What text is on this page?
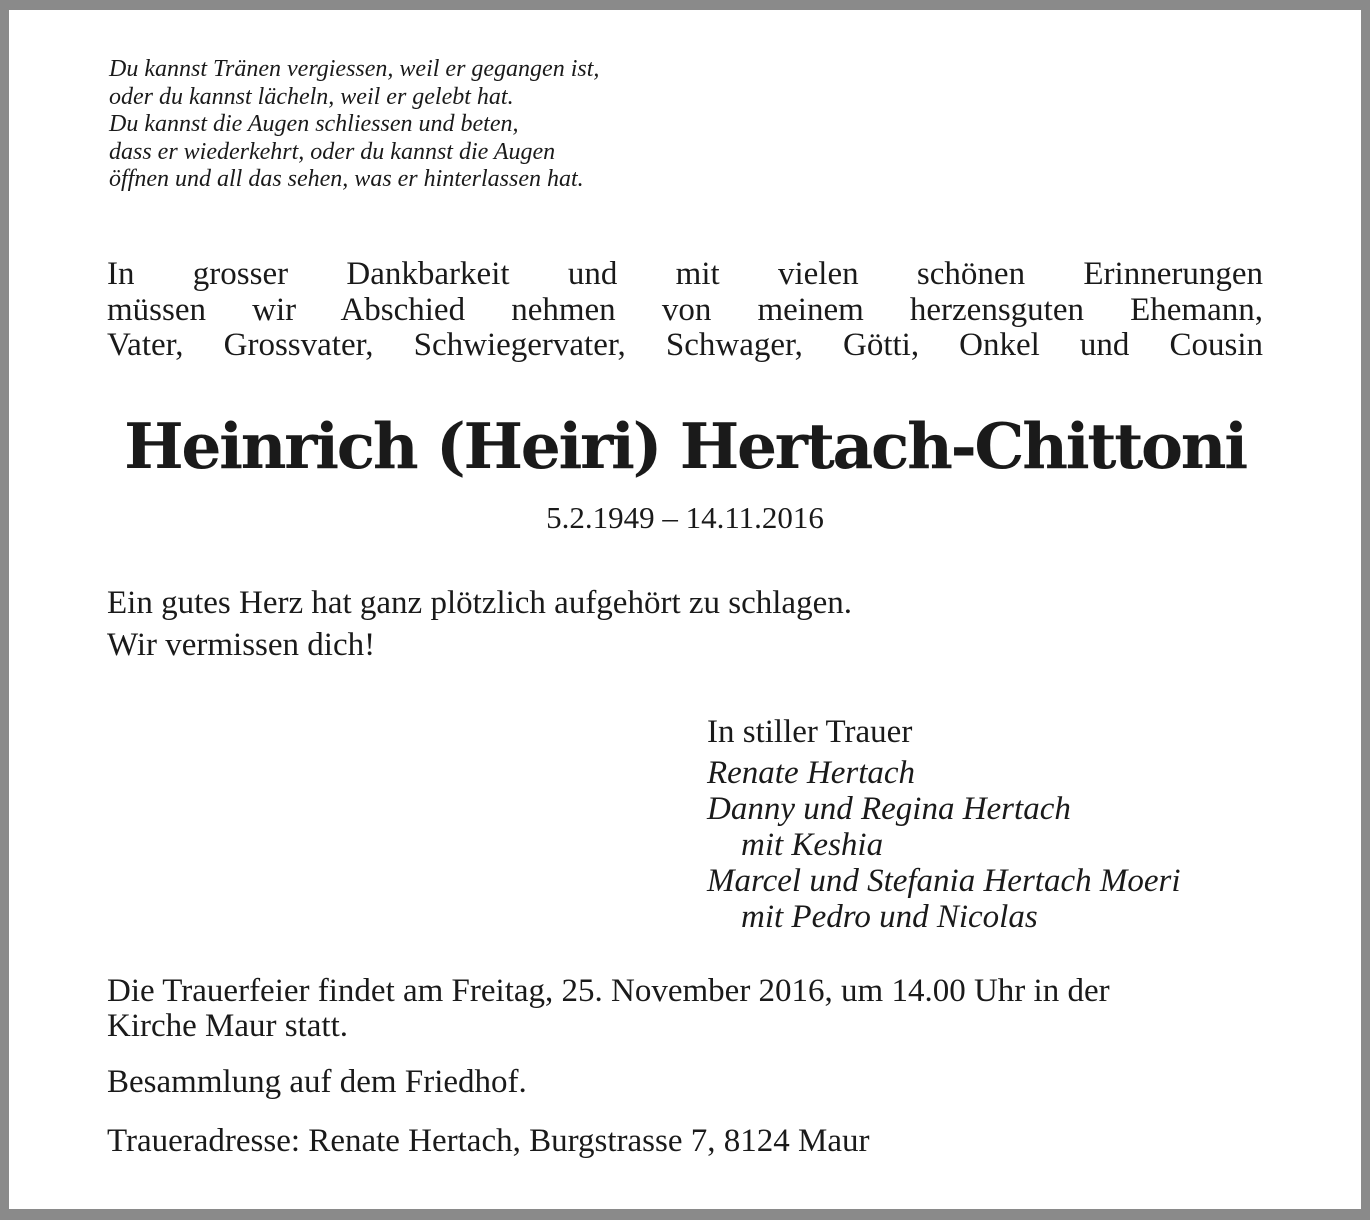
Du kannst Tränen vergiessen, weil er gegangen ist,
oder du kannst lächeln, weil er gelebt hat.
Du kannst die Augen schliessen und beten,
dass er wiederkehrt, oder du kannst die Augen
öffnen und all das sehen, was er hinterlassen hat.
In grosser Dankbarkeit und mit vielen schönen Erinnerungen
müssen wir Abschied nehmen von meinem herzensguten Ehemann,
Vater, Grossvater, Schwiegervater, Schwager, Götti, Onkel und Cousin
Heinrich (Heiri) Hertach-Chittoni
5.2.1949 – 14.11.2016
Ein gutes Herz hat ganz plötzlich aufgehört zu schlagen.
Wir vermissen dich!
In stiller Trauer
Renate Hertach
Danny und Regina Hertach
mit Keshia
Marcel und Stefania Hertach Moeri
mit Pedro und Nicolas
Die Trauerfeier findet am Freitag, 25. November 2016, um 14.00 Uhr in der
Kirche Maur statt.
Besammlung auf dem Friedhof.
Traueradresse: Renate Hertach, Burgstrasse 7, 8124 Maur
